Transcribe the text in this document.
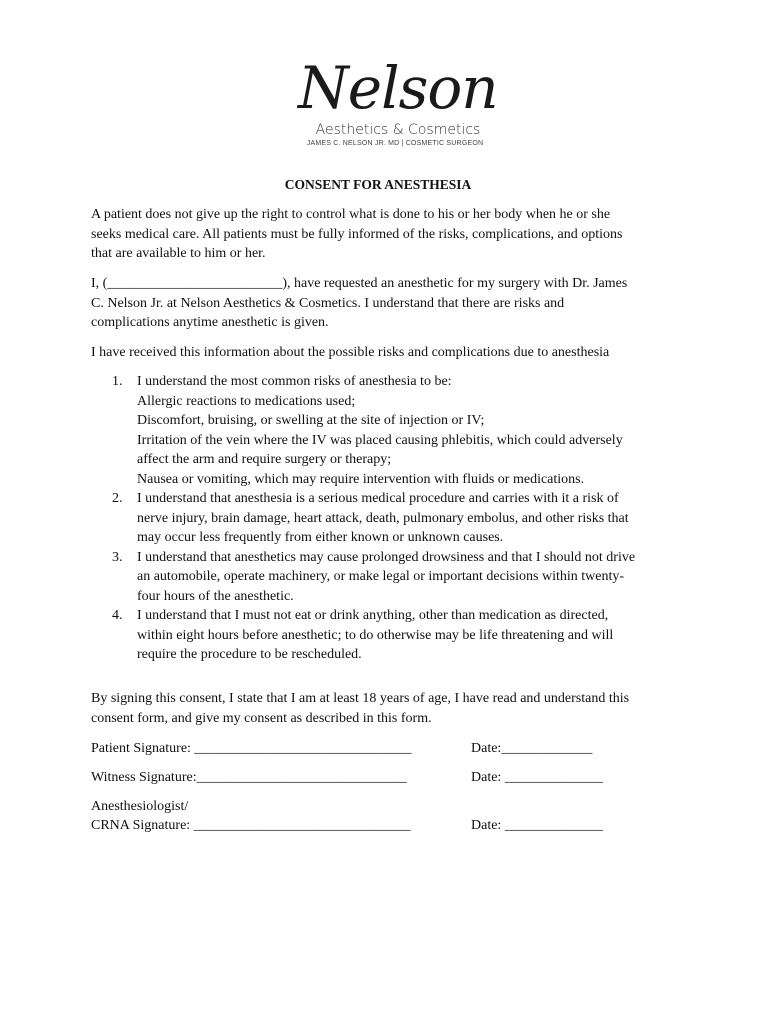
Nelson
Aesthetics & Cosmetics
JAMES C. NELSON JR. MD | COSMETIC SURGEON
CONSENT FOR ANESTHESIA
A patient does not give up the right to control what is done to his or her body when he or she
seeks medical care. All patients must be fully informed of the risks, complications, and options
that are available to him or her.
I, (_________________________), have requested an anesthetic for my surgery with Dr. James
C. Nelson Jr. at Nelson Aesthetics & Cosmetics. I understand that there are risks and
complications anytime anesthetic is given.
I have received this information about the possible risks and complications due to anesthesia
1. I understand the most common risks of anesthesia to be:
Allergic reactions to medications used;
Discomfort, bruising, or swelling at the site of injection or IV;
Irritation of the vein where the IV was placed causing phlebitis, which could adversely
affect the arm and require surgery or therapy;
Nausea or vomiting, which may require intervention with fluids or medications.
2. I understand that anesthesia is a serious medical procedure and carries with it a risk of
nerve injury, brain damage, heart attack, death, pulmonary embolus, and other risks that
may occur less frequently from either known or unknown causes.
3. I understand that anesthetics may cause prolonged drowsiness and that I should not drive
an automobile, operate machinery, or make legal or important decisions within twenty-
four hours of the anesthetic.
4. I understand that I must not eat or drink anything, other than medication as directed,
within eight hours before anesthetic; to do otherwise may be life threatening and will
require the procedure to be rescheduled.
By signing this consent, I state that I am at least 18 years of age, I have read and understand this
consent form, and give my consent as described in this form.
Patient Signature: _______________________________	Date:_____________
Witness Signature:______________________________	Date: ______________
Anesthesiologist/
CRNA Signature: _______________________________	Date: ______________
